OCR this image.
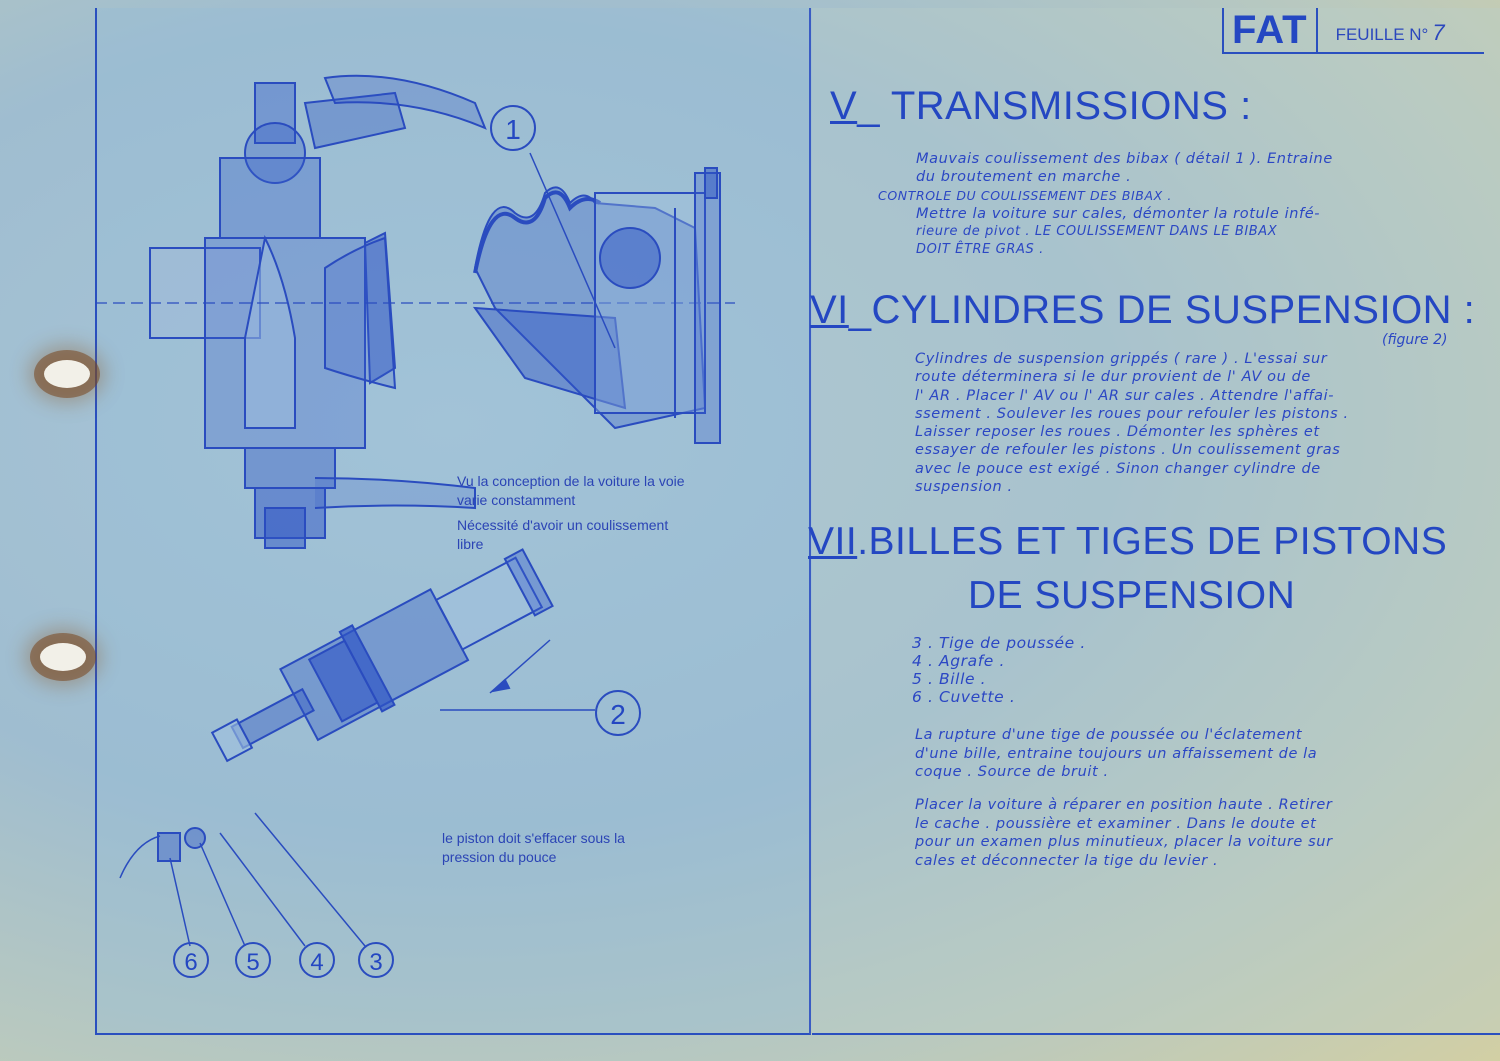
1
2
6 5 4 3
Vu la conception de la voiture la voie
varie constamment
Nécessité d'avoir un coulissement
libre
le piston doit s'effacer sous la
pression du pouce
FAT	FEUILLE N° 7
V_ TRANSMISSIONS :
Mauvais coulissement des bibax ( détail 1 ). Entraine
du broutement en marche .
CONTROLE DU COULISSEMENT DES BIBAX .
Mettre la voiture sur cales, démonter la rotule infé-
rieure de pivot . LE COULISSEMENT DANS LE BIBAX
DOIT ÊTRE GRAS .
VI_CYLINDRES DE SUSPENSION :
(figure 2)
Cylindres de suspension grippés ( rare ) . L'essai sur
route déterminera si le dur provient de l' AV ou de
l' AR . Placer l' AV ou l' AR sur cales . Attendre l'affai-
ssement . Soulever les roues pour refouler les pistons .
Laisser reposer les roues . Démonter les sphères et
essayer de refouler les pistons . Un coulissement gras
avec le pouce est exigé . Sinon changer cylindre de
suspension .
VII.BILLES ET TIGES DE PISTONS
DE SUSPENSION
3 . Tige de poussée .
4 . Agrafe .
5 . Bille .
6 . Cuvette .
La rupture d'une tige de poussée ou l'éclatement
d'une bille, entraine toujours un affaissement de la
coque . Source de bruit .
Placer la voiture à réparer en position haute . Retirer
le cache . poussière et examiner . Dans le doute et
pour un examen plus minutieux, placer la voiture sur
cales et déconnecter la tige du levier .
